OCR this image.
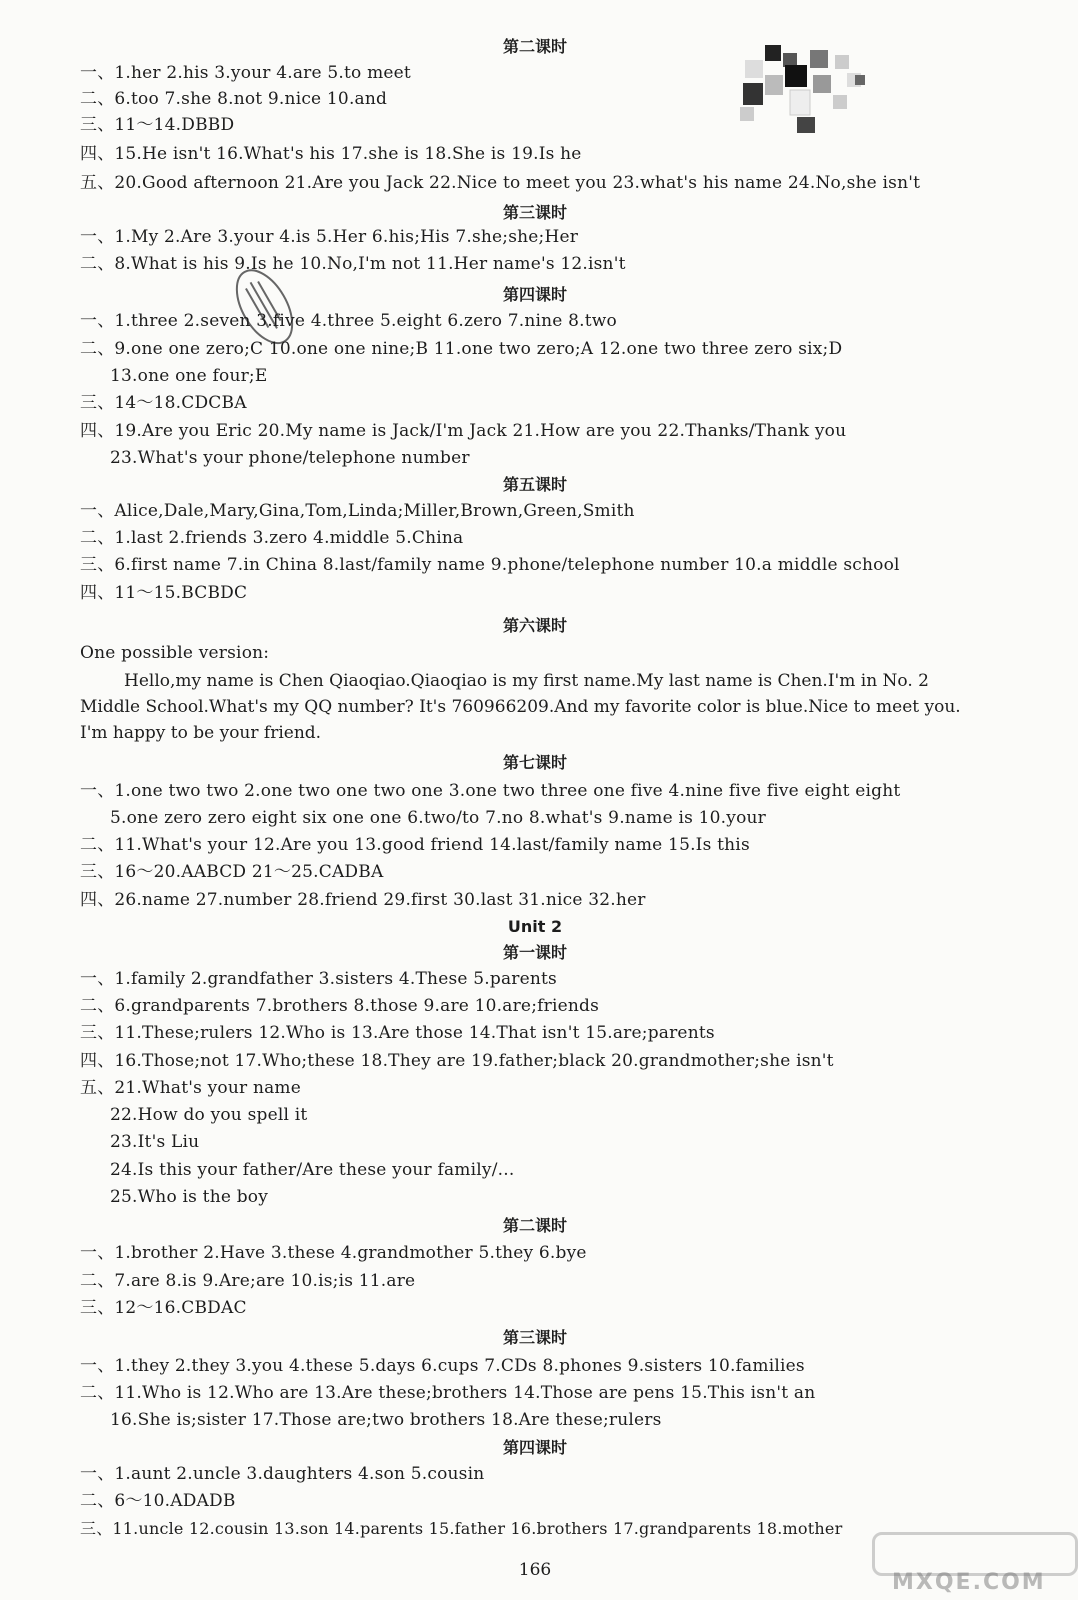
第二课时
一、1.her 2.his 3.your 4.are 5.to meet
二、6.too 7.she 8.not 9.nice 10.and
三、11～14.DBBD
四、15.He isn't 16.What's his 17.she is 18.She is 19.Is he
五、20.Good afternoon 21.Are you Jack 22.Nice to meet you 23.what's his name 24.No,she isn't
第三课时
一、1.My 2.Are 3.your 4.is 5.Her 6.his;His 7.she;she;Her
二、8.What is his 9.Is he 10.No,I'm not 11.Her name's 12.isn't
第四课时
一、1.three 2.seven 3.five 4.three 5.eight 6.zero 7.nine 8.two
二、9.one one zero;C 10.one one nine;B 11.one two zero;A 12.one two three zero six;D
13.one one four;E
三、14～18.CDCBA
四、19.Are you Eric 20.My name is Jack/I'm Jack 21.How are you 22.Thanks/Thank you
23.What's your phone/telephone number
第五课时
一、Alice,Dale,Mary,Gina,Tom,Linda;Miller,Brown,Green,Smith
二、1.last 2.friends 3.zero 4.middle 5.China
三、6.first name 7.in China 8.last/family name 9.phone/telephone number 10.a middle school
四、11～15.BCBDC
第六课时
One possible version:
Hello,my name is Chen Qiaoqiao.Qiaoqiao is my first name.My last name is Chen.I'm in No. 2 Middle School.What's my QQ number? It's 760966209.And my favorite color is blue.Nice to meet you. I'm happy to be your friend.
第七课时
一、1.one two two 2.one two one two one 3.one two three one five 4.nine five five eight eight
5.one zero zero eight six one one 6.two/to 7.no 8.what's 9.name is 10.your
二、11.What's your 12.Are you 13.good friend 14.last/family name 15.Is this
三、16～20.AABCD 21～25.CADBA
四、26.name 27.number 28.friend 29.first 30.last 31.nice 32.her
Unit 2
第一课时
一、1.family 2.grandfather 3.sisters 4.These 5.parents
二、6.grandparents 7.brothers 8.those 9.are 10.are;friends
三、11.These;rulers 12.Who is 13.Are those 14.That isn't 15.are;parents
四、16.Those;not 17.Who;these 18.They are 19.father;black 20.grandmother;she isn't
五、21.What's your name
22.How do you spell it
23.It's Liu
24.Is this your father/Are these your family/...
25.Who is the boy
第二课时
一、1.brother 2.Have 3.these 4.grandmother 5.they 6.bye
二、7.are 8.is 9.Are;are 10.is;is 11.are
三、12～16.CBDAC
第三课时
一、1.they 2.they 3.you 4.these 5.days 6.cups 7.CDs 8.phones 9.sisters 10.families
二、11.Who is 12.Who are 13.Are these;brothers 14.Those are pens 15.This isn't an
16.She is;sister 17.Those are;two brothers 18.Are these;rulers
第四课时
一、1.aunt 2.uncle 3.daughters 4.son 5.cousin
二、6～10.ADADB
三、11.uncle 12.cousin 13.son 14.parents 15.father 16.brothers 17.grandparents 18.mother
166	MXQE.COM
